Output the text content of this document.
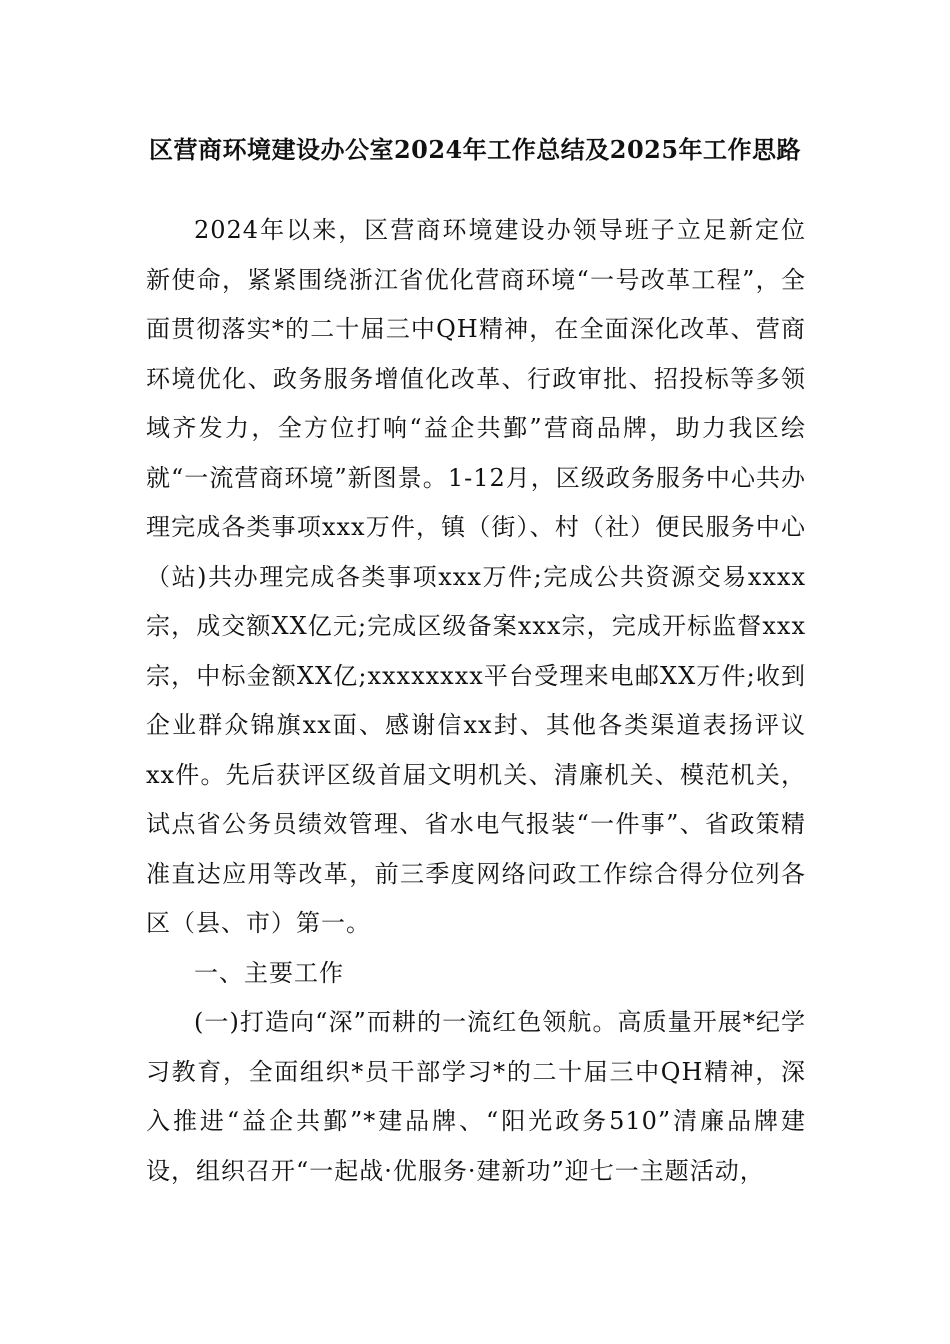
区营商环境建设办公室2024年工作总结及2025年工作思路

2024年以来，区营商环境建设办领导班子立足新定位新使命，紧紧围绕浙江省优化营商环境“一号改革工程”，全面贯彻落实*的二十届三中QH精神，在全面深化改革、营商环境优化、政务服务增值化改革、行政审批、招投标等多领域齐发力，全方位打响“益企共鄞”营商品牌，助力我区绘就“一流营商环境”新图景。1-12月，区级政务服务中心共办理完成各类事项xxx万件，镇（街）、村（社）便民服务中心（站)共办理完成各类事项xxx万件;完成公共资源交易xxxx宗，成交额XX亿元;完成区级备案xxx宗，完成开标监督xxx宗，中标金额XX亿;xxxxxxxx平台受理来电邮XX万件;收到企业群众锦旗xx面、感谢信xx封、其他各类渠道表扬评议xx件。先后获评区级首届文明机关、清廉机关、模范机关，试点省公务员绩效管理、省水电气报装“一件事”、省政策精准直达应用等改革，前三季度网络问政工作综合得分位列各区（县、市）第一。

一、主要工作

(一)打造向“深”而耕的一流红色领航。高质量开展*纪学习教育，全面组织*员干部学习*的二十届三中QH精神，深入推进“益企共鄞”*建品牌、“阳光政务510”清廉品牌建设，组织召开“一起战·优服务·建新功”迎七一主题活动，
